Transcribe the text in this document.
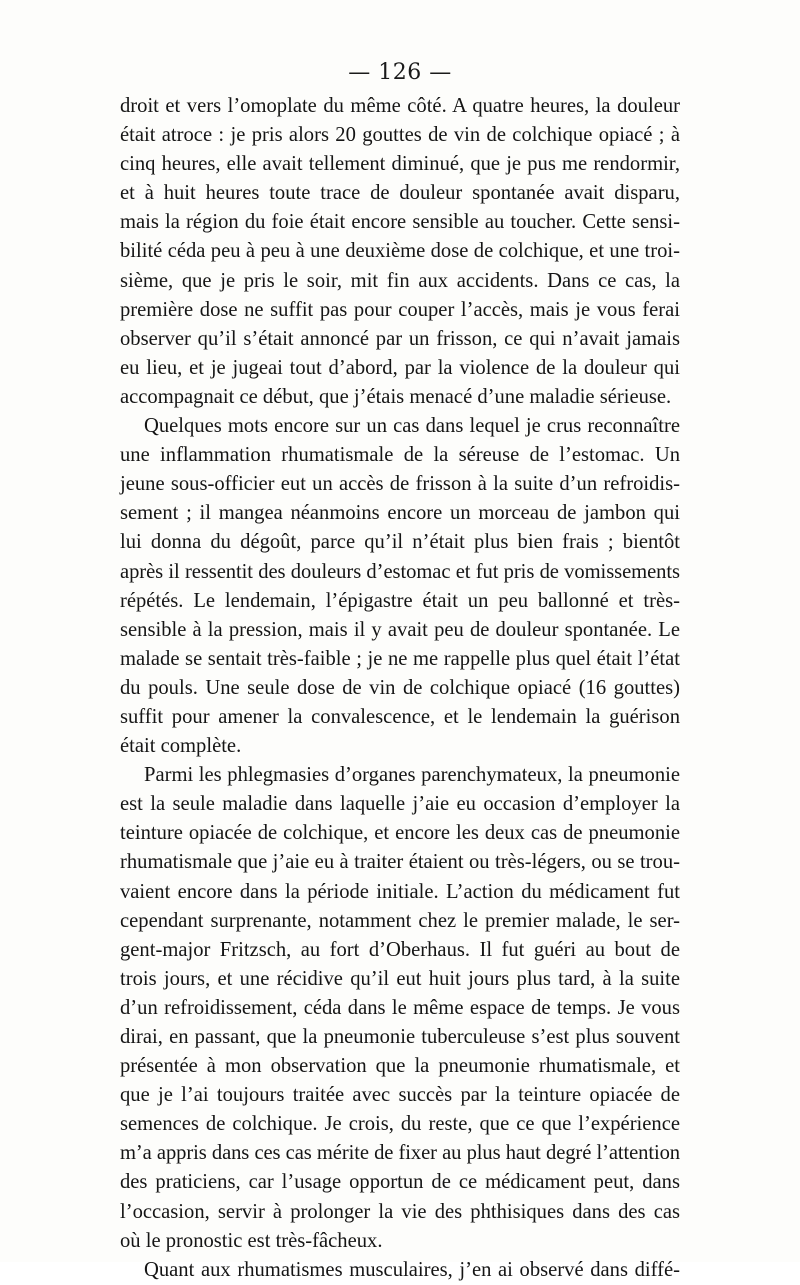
— 126 —
droit et vers l’omoplate du même côté. A quatre heures, la douleur
était atroce : je pris alors 20 gouttes de vin de colchique opiacé ; à
cinq heures, elle avait tellement diminué, que je pus me rendormir,
et à huit heures toute trace de douleur spontanée avait disparu,
mais la région du foie était encore sensible au toucher. Cette sensi-
bilité céda peu à peu à une deuxième dose de colchique, et une troi-
sième, que je pris le soir, mit fin aux accidents. Dans ce cas, la
première dose ne suffit pas pour couper l’accès, mais je vous ferai
observer qu’il s’était annoncé par un frisson, ce qui n’avait jamais
eu lieu, et je jugeai tout d’abord, par la violence de la douleur qui
accompagnait ce début, que j’étais menacé d’une maladie sérieuse.
Quelques mots encore sur un cas dans lequel je crus reconnaître
une inflammation rhumatismale de la séreuse de l’estomac. Un
jeune sous-officier eut un accès de frisson à la suite d’un refroidis-
sement ; il mangea néanmoins encore un morceau de jambon qui
lui donna du dégoût, parce qu’il n’était plus bien frais ; bientôt
après il ressentit des douleurs d’estomac et fut pris de vomissements
répétés. Le lendemain, l’épigastre était un peu ballonné et très-
sensible à la pression, mais il y avait peu de douleur spontanée. Le
malade se sentait très-faible ; je ne me rappelle plus quel était l’état
du pouls. Une seule dose de vin de colchique opiacé (16 gouttes)
suffit pour amener la convalescence, et le lendemain la guérison
était complète.
Parmi les phlegmasies d’organes parenchymateux, la pneumonie
est la seule maladie dans laquelle j’aie eu occasion d’employer la
teinture opiacée de colchique, et encore les deux cas de pneumonie
rhumatismale que j’aie eu à traiter étaient ou très-légers, ou se trou-
vaient encore dans la période initiale. L’action du médicament fut
cependant surprenante, notamment chez le premier malade, le ser-
gent-major Fritzsch, au fort d’Oberhaus. Il fut guéri au bout de
trois jours, et une récidive qu’il eut huit jours plus tard, à la suite
d’un refroidissement, céda dans le même espace de temps. Je vous
dirai, en passant, que la pneumonie tuberculeuse s’est plus souvent
présentée à mon observation que la pneumonie rhumatismale, et
que je l’ai toujours traitée avec succès par la teinture opiacée de
semences de colchique. Je crois, du reste, que ce que l’expérience
m’a appris dans ces cas mérite de fixer au plus haut degré l’attention
des praticiens, car l’usage opportun de ce médicament peut, dans
l’occasion, servir à prolonger la vie des phthisiques dans des cas
où le pronostic est très-fâcheux.
Quant aux rhumatismes musculaires, j’en ai observé dans diffé-
